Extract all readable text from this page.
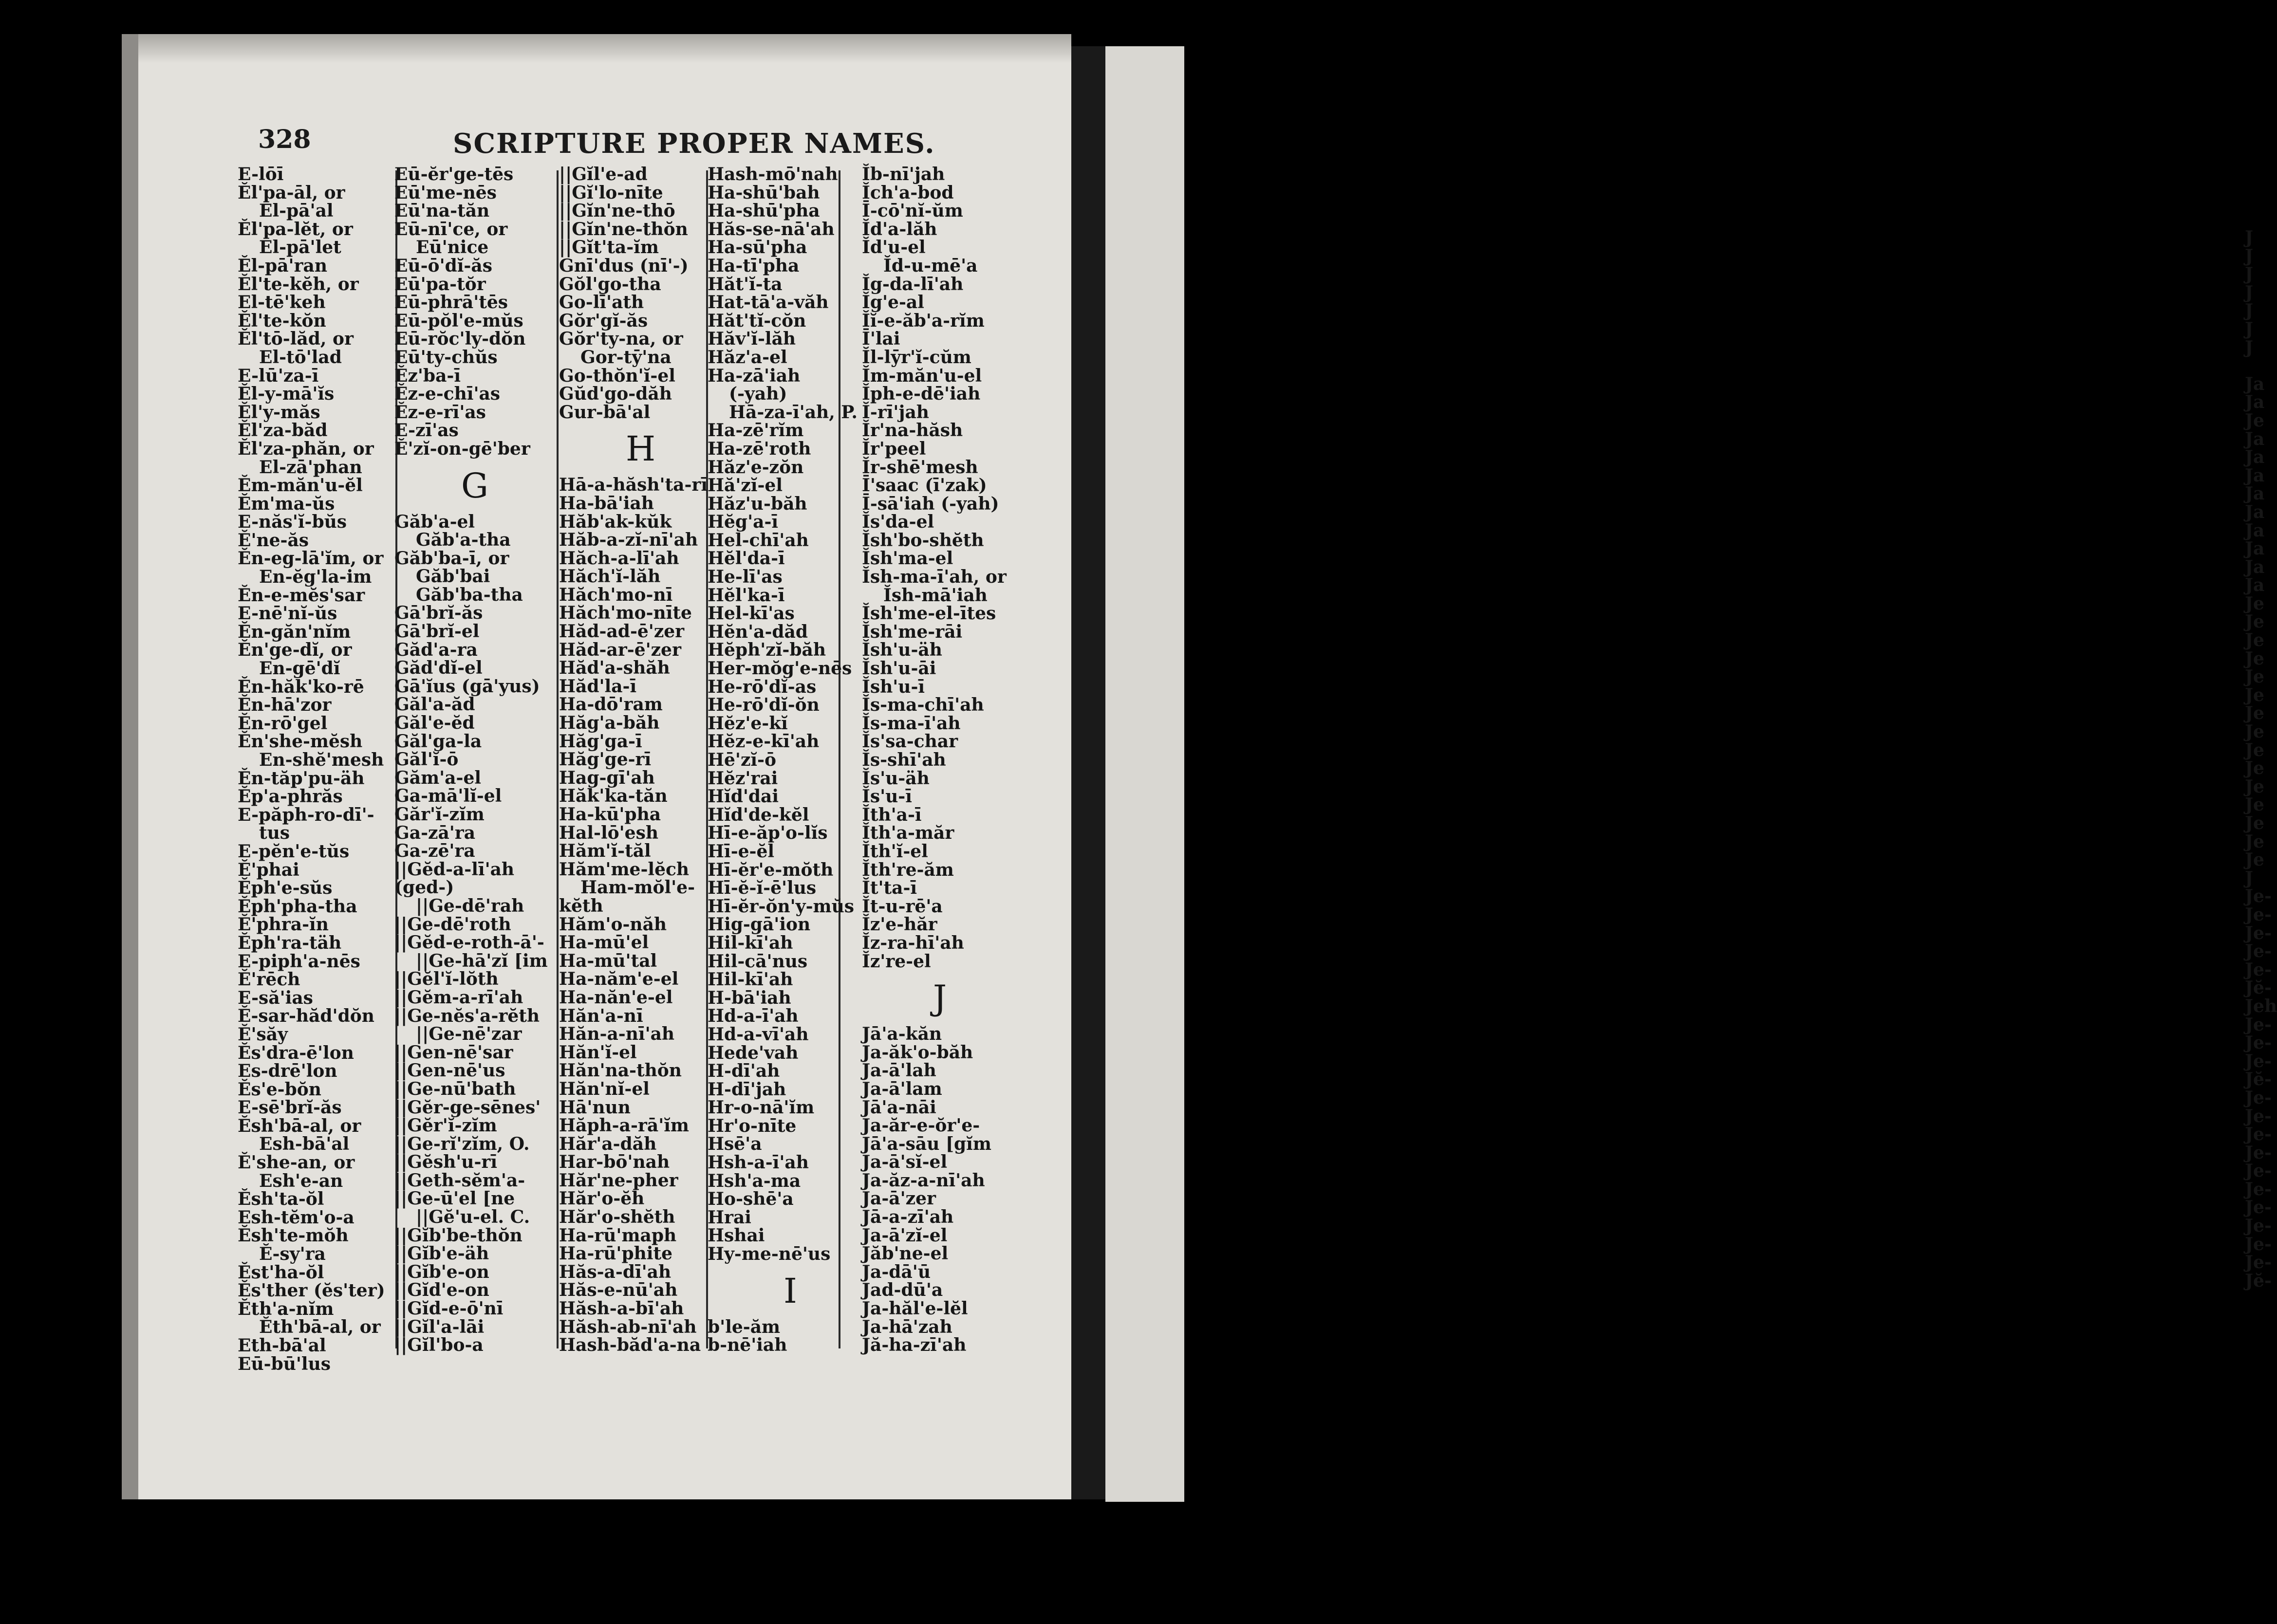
J
J
J
J
J
J
J
Ja
Ja
Je
Ja
Ja
Ja
Ja
Ja
Ja
Ja
Ja
Ja
Je
Je
Je
Je
Je
Je
Je
Je
Je
Je
Je
Je
Je
Je
Je
J
Je-
Je-
Je-
Je-
Je-
Jĕ-
Jeh
Je-
Je-
Je-
Jĕ-
Je-
Je-
Je-
Je-
Je-
Je-
Je-
Je-
Je-
Je-
Jĕ-
328	SCRIPTURE PROPER NAMES.
E-lōī
Ĕl'pa-āl, or
El-pā'al
Ĕl'pa-lĕt, or
El-pā'let
Ĕl-pā'ran
Ĕl'te-kĕh, or
El-tē'keh
Ĕl'te-kŏn
Ĕl'tō-lăd, or
El-tō'lad
E-lū'za-ī
Ĕl-y-mā'ĭs
Ĕl'y-măs
Ĕl'za-băd
Ĕl'za-phăn, or
El-zā'phan
Ĕm-măn'u-ĕl
Ĕm'ma-ŭs
E-năs'ĭ-bŭs
Ĕ'ne-ăs
Ĕn-eg-lā'ĭm, or
En-ĕg'la-im
Ĕn-e-mĕs'sar
E-nē'nĭ-ŭs
Ĕn-găn'nĭm
Ĕn'ge-dĭ, or
En-gē'dĭ
Ĕn-hăk'ko-rē
Ĕn-hā'zor
Ĕn-rō'gel
Ĕn'she-mĕsh
En-shĕ'mesh
Ĕn-tăp'pu-äh
Ĕp'a-phrăs
E-păph-ro-dī'-
tus
E-pĕn'e-tŭs
Ĕ'phai
Ĕph'e-sŭs
Ĕph'pha-tha
Ĕ'phra-ĭn
Ĕph'ra-täh
E-piph'a-nēs
Ĕ'rēch
E-să'ias
Ĕ-sar-hăd'dŏn
Ĕ'săy
Ĕs'dra-ē'lon
Es-drē'lon
Ĕs'e-bŏn
E-sē'brĭ-ăs
Ĕsh'bā-al, or
Esh-bā'al
Ĕ'she-an, or
Esh'e-an
Ĕsh'ta-ŏl
Esh-tĕm'o-a
Ĕsh'te-mŏh
Ĕ-sy'ra
Ĕst'ha-ŏl
Ĕs'ther (ĕs'ter)
Ĕth'a-nĭm
Ĕth'bā-al, or
Eth-bā'al
Eū-bū'lus
Eū-ĕr'ge-tēs
Eū'me-nēs
Eū'na-tăn
Eū-nī'ce, or
Eū'nice
Eū-ō'dĭ-ăs
Eū'pa-tŏr
Eū-phrā'tēs
Eū-pŏl'e-mŭs
Eū-rŏc'ly-dŏn
Eū'ty-chŭs
Ĕz'ba-ī
Ĕz-e-chī'as
Ĕz-e-rī'as
E-zī'as
Ĕ'zĭ-on-gē'ber
G
Găb'a-el
Găb'a-tha
Găb'ba-ī, or
Găb'bai
Găb'ba-tha
Gā'brĭ-ăs
Gā'brĭ-el
Găd'a-ra
Găd'dĭ-el
Gā'ĭus (gā'yus)
Găl'a-ăd
Găl'e-ĕd
Găl'ga-la
Găl'ĭ-ō
Găm'a-el
Ga-mā'lĭ-el
Găr'ĭ-zĭm
Ga-zā'ra
Ga-zē'ra
||Gĕd-a-lī'ah
(ged-)
||Ge-dē'rah
||Ge-dē'roth
||Gĕd-e-roth-ā'-
||Ge-hā'zĭ [im
||Gĕl'ĭ-lŏth
||Gĕm-a-rī'ah
||Ge-nĕs'a-rĕth
||Ge-nē'zar
||Gen-nē'sar
||Gen-nē'us
||Ge-nū'bath
||Gĕr-ge-sēnes'
||Gĕr'ĭ-zĭm
||Ge-rĭ'zĭm, O.
||Gĕsh'u-rī
||Geth-sĕm'a-
||Ge-ū'el [ne
||Gĕ'u-el. C.
||Gĭb'be-thŏn
||Gĭb'e-äh
||Gĭb'e-on
||Gĭd'e-on
||Gĭd-e-ō'nī
||Gĭl'a-lāi
||Gĭl'bo-a
||Gĭl'e-ad
||Gĭ'lo-nīte
||Gĭn'ne-thō
||Gĭn'ne-thŏn
||Gĭt'ta-ĭm
Gnī'dus (nī'-)
Gŏl'go-tha
Go-lī'ath
Gŏr'gĭ-ăs
Gŏr'ty-na, or
Gor-tȳ'na
Go-thŏn'ĭ-el
Gŭd'go-dăh
Gur-bā'al
H
Hā-a-hăsh'ta-rī
Ha-bā'iah
Hăb'ak-kŭk
Hăb-a-zĭ-nī'ah
Hăch-a-lī'ah
Hăch'ĭ-lăh
Hăch'mo-nī
Hăch'mo-nīte
Hăd-ad-ē'zer
Hăd-ar-ē'zer
Hăd'a-shăh
Hăd'la-ī
Ha-dō'ram
Hăg'a-băh
Hăg'ga-ī
Hăg'ge-rī
Hag-gī'ah
Hăk'ka-tăn
Ha-kū'pha
Hal-lō'esh
Hăm'ĭ-tăl
Hăm'me-lĕch
Ham-mŏl'e-
kĕth
Hăm'o-năh
Ha-mū'el
Ha-mū'tal
Ha-năm'e-el
Ha-năn'e-el
Hăn'a-nī
Hăn-a-nī'ah
Hăn'ĭ-el
Hăn'na-thŏn
Hăn'nĭ-el
Hā'nun
Hăph-a-rā'ĭm
Hăr'a-dăh
Har-bō'nah
Hăr'ne-pher
Hăr'o-ĕh
Hăr'o-shĕth
Ha-rū'maph
Ha-rū'phite
Hăs-a-dī'ah
Hăs-e-nū'ah
Hăsh-a-bī'ah
Hăsh-ab-nī'ah
Hash-băd'a-na
Hash-mō'nah
Ha-shū'bah
Ha-shū'pha
Hăs-se-nā'ah
Ha-sū'pha
Ha-tī'pha
Hăt'ĭ-ta
Hat-tā'a-văh
Hăt'tĭ-cŏn
Hăv'ĭ-lăh
Hăz'a-el
Ha-zā'iah
(-yah)
Hā-za-ī'ah, P.
Ha-zē'rĭm
Ha-zē'roth
Hăz'e-zŏn
Hă'zĭ-el
Hăz'u-băh
Hĕg'a-ī
Hel-chī'ah
Hĕl'da-ī
He-lī'as
Hĕl'ka-ī
Hel-kī'as
Hĕn'a-dăd
Hĕph'zĭ-băh
Her-mŏg'e-nēs
He-rō'dĭ-as
He-rō'dĭ-ŏn
Hĕz'e-kĭ
Hĕz-e-kī'ah
Hē'zĭ-ō
Hĕz'rai
Hĭd'dai
Hĭd'de-kĕl
Hī-e-ăp'o-lĭs
Hī-e-ĕl
Hī-ĕr'e-mŏth
Hī-ĕ-ĭ-ē'lus
Hī-ĕr-ŏn'y-mŭs
Hig-gā'ion
Hil-kī'ah
Hil-cā'nus
Hil-kī'ah
H-bā'iah
Hd-a-ī'ah
Hd-a-vī'ah
Hede'vah
H-dī'ah
H-dī'jah
Hr-o-nā'ĭm
Hr'o-nīte
Hsē'a
Hsh-a-ī'ah
Hsh'a-ma
Ho-shē'a
Hrai
Hshai
Hy-me-nē'us
I
b'le-ăm
b-nē'iah
Ĭb-nī'jah
Ĭch'a-bod
Ī-cō'nĭ-ŭm
Ĭd'a-lăh
Ĭd'u-el
Ĭd-u-mē'a
Ĭg-da-lī'ah
Ĭg'e-al
Ĭĭ-e-ăb'a-rĭm
Ī'lai
Ĭl-lȳr'ĭ-cŭm
Ĭm-măn'u-el
Ĭph-e-dē'iah
Ĭ-rī'jah
Ĭr'na-hăsh
Ĭr'peel
Ĭr-shē'mesh
Ī'saac (ī'zak)
Ī-sā'iah (-yah)
Ĭs'da-el
Ĭsh'bo-shĕth
Ĭsh'ma-el
Ĭsh-ma-ī'ah, or
Ĭsh-mā'iah
Ĭsh'me-el-ītes
Ĭsh'me-rāi
Ĭsh'u-äh
Ĭsh'u-āi
Ĭsh'u-ī
Ĭs-ma-chī'ah
Ĭs-ma-ī'ah
Ĭs'sa-char
Ĭs-shī'ah
Ĭs'u-äh
Ĭs'u-ī
Ĭth'a-ī
Ĭth'a-măr
Ĭth'ĭ-el
Ĭth're-ăm
Ĭt'ta-ī
Ĭt-u-rē'a
Ĭz'e-hăr
Ĭz-ra-hī'ah
Ĭz're-el
J
Jā'a-kăn
Ja-ăk'o-băh
Ja-ā'lah
Ja-ā'lam
Jā'a-nāi
Ja-ăr-e-ŏr'e-
Jā'a-sāu [gĭm
Ja-ā'sĭ-el
Ja-ăz-a-nī'ah
Ja-ā'zer
Jā-a-zī'ah
Ja-ā'zĭ-el
Jăb'ne-el
Ja-dā'ū
Jad-dū'a
Ja-hăl'e-lĕl
Ja-hā'zah
Jă-ha-zī'ah
